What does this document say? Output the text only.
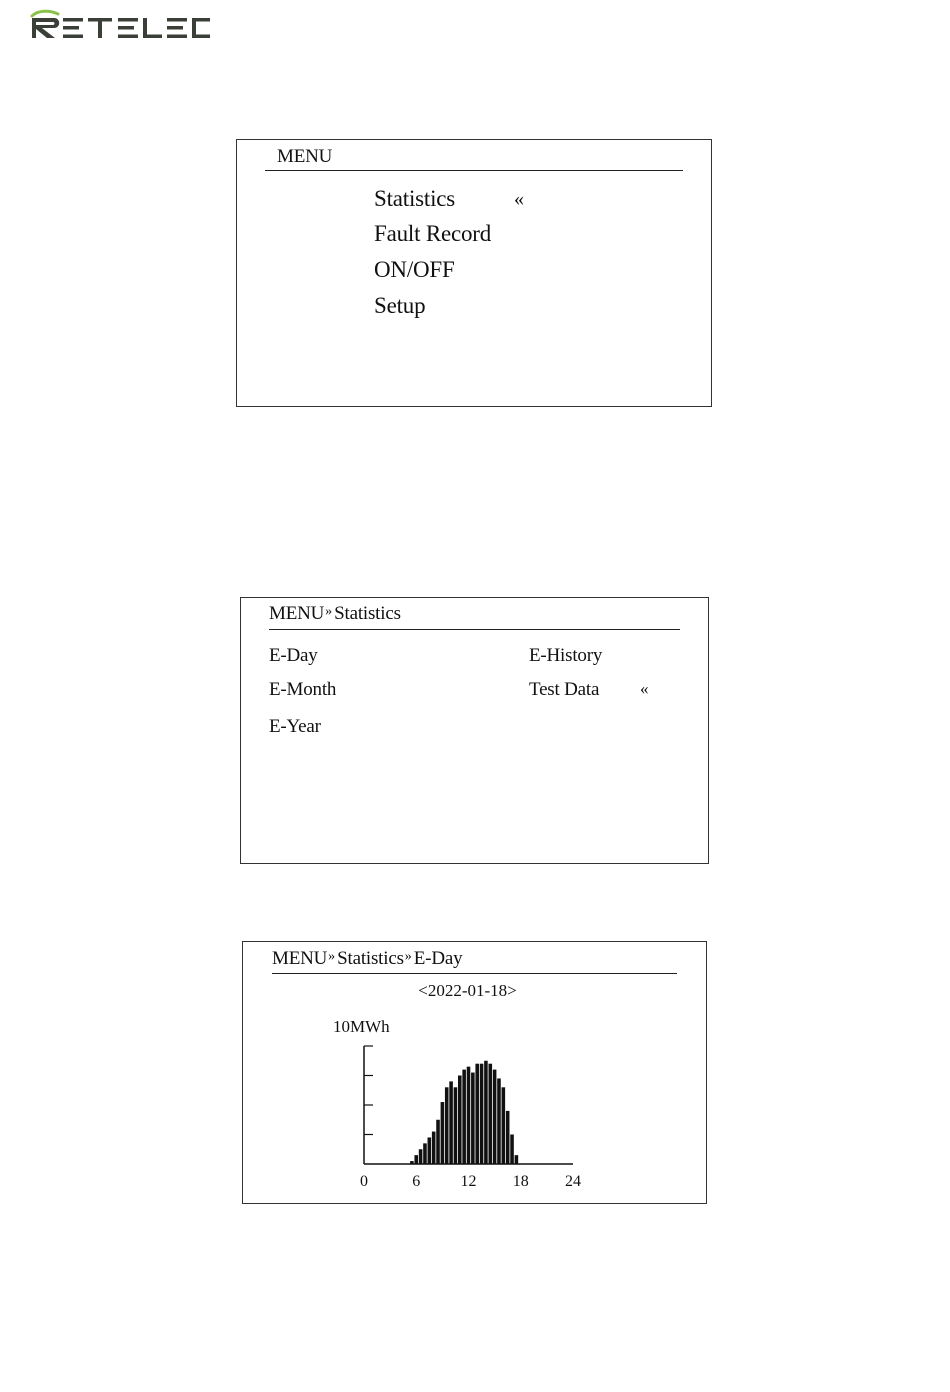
MENU
Statistics	«
Fault Record
ON/OFF
Setup
MENU» Statistics
E-Day
E-Month
E-Year
E-History
Test Data «
MENU» Statistics» E-Day
<2022-01-18>
10MWh
0	6	12 18 24
